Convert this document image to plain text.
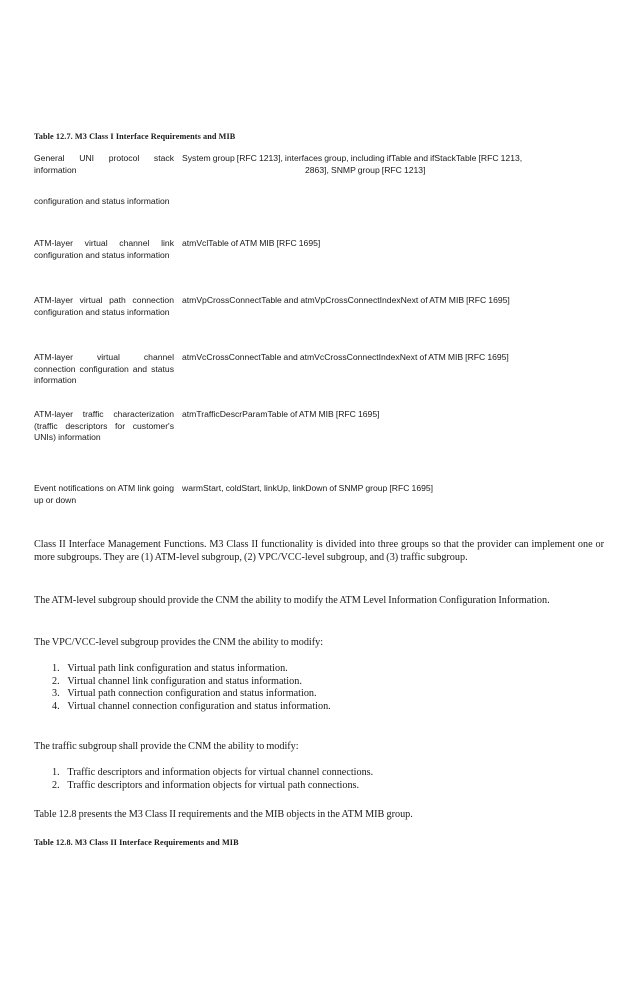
Table 12.7. M3 Class I Interface Requirements and MIB
General UNI protocol stack information
System group [RFC 1213], interfaces group, including ifTable and ifStackTable [RFC 1213,
2863], SNMP group [RFC 1213]
configuration and status information
ATM-layer virtual channel link configuration and status information
atmVclTable of ATM MIB [RFC 1695]
ATM-layer virtual path connection configuration and status information
atmVpCrossConnectTable and atmVpCrossConnectIndexNext of ATM MIB [RFC 1695]
ATM-layer virtual channel connection configuration and status information
atmVcCrossConnectTable and atmVcCrossConnectIndexNext of ATM MIB [RFC 1695]
ATM-layer traffic characterization (traffic descriptors for customer's UNIs) information
atmTrafficDescrParamTable of ATM MIB [RFC 1695]
Event notifications on ATM link going up or down
warmStart, coldStart, linkUp, linkDown of SNMP group [RFC 1695]

Class II Interface Management Functions. M3 Class II functionality is divided into three groups so that the provider can implement one or more subgroups. They are (1) ATM-level subgroup, (2) VPC/VCC-level subgroup, and (3) traffic subgroup.

The ATM-level subgroup should provide the CNM the ability to modify the ATM Level Information Configuration Information.

The VPC/VCC-level subgroup provides the CNM the ability to modify:

1. Virtual path link configuration and status information.
2. Virtual channel link configuration and status information.
3. Virtual path connection configuration and status information.
4. Virtual channel connection configuration and status information.

The traffic subgroup shall provide the CNM the ability to modify:

1. Traffic descriptors and information objects for virtual channel connections.
2. Traffic descriptors and information objects for virtual path connections.

Table 12.8 presents the M3 Class II requirements and the MIB objects in the ATM MIB group.

Table 12.8. M3 Class II Interface Requirements and MIB
